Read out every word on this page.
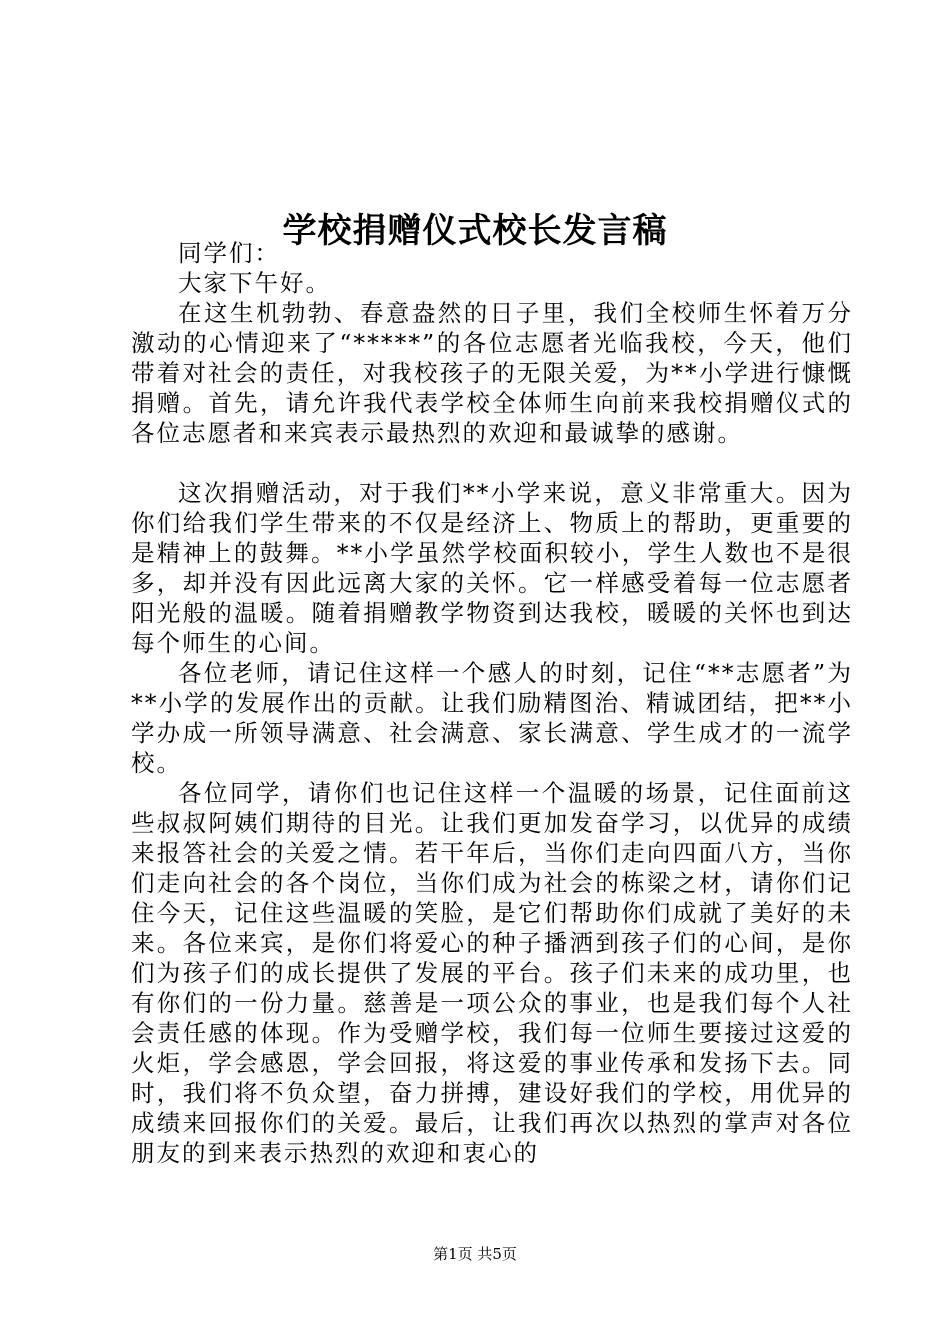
学校捐赠仪式校长发言稿

同学们：

大家下午好。

在这生机勃勃、春意盎然的日子里，我们全校师生怀着万分激动的心情迎来了“*****”的各位志愿者光临我校，今天，他们带着对社会的责任，对我校孩子的无限关爱，为**小学进行慷慨捐赠。首先，请允许我代表学校全体师生向前来我校捐赠仪式的各位志愿者和来宾表示最热烈的欢迎和最诚挚的感谢。

这次捐赠活动，对于我们**小学来说，意义非常重大。因为你们给我们学生带来的不仅是经济上、物质上的帮助，更重要的是精神上的鼓舞。**小学虽然学校面积较小，学生人数也不是很多，却并没有因此远离大家的关怀。它一样感受着每一位志愿者阳光般的温暖。随着捐赠教学物资到达我校，暖暖的关怀也到达每个师生的心间。

各位老师，请记住这样一个感人的时刻，记住“**志愿者”为**小学的发展作出的贡献。让我们励精图治、精诚团结，把**小学办成一所领导满意、社会满意、家长满意、学生成才的一流学校。

各位同学，请你们也记住这样一个温暖的场景，记住面前这些叔叔阿姨们期待的目光。让我们更加发奋学习，以优异的成绩来报答社会的关爱之情。若干年后，当你们走向四面八方，当你们走向社会的各个岗位，当你们成为社会的栋梁之材，请你们记住今天，记住这些温暖的笑脸，是它们帮助你们成就了美好的未来。各位来宾，是你们将爱心的种子播洒到孩子们的心间，是你们为孩子们的成长提供了发展的平台。孩子们未来的成功里，也有你们的一份力量。慈善是一项公众的事业，也是我们每个人社会责任感的体现。作为受赠学校，我们每一位师生要接过这爱的火炬，学会感恩，学会回报，将这爱的事业传承和发扬下去。同时，我们将不负众望，奋力拼搏，建设好我们的学校，用优异的成绩来回报你们的关爱。最后，让我们再次以热烈的掌声对各位朋友的到来表示热烈的欢迎和衷心的

第1页 共5页
